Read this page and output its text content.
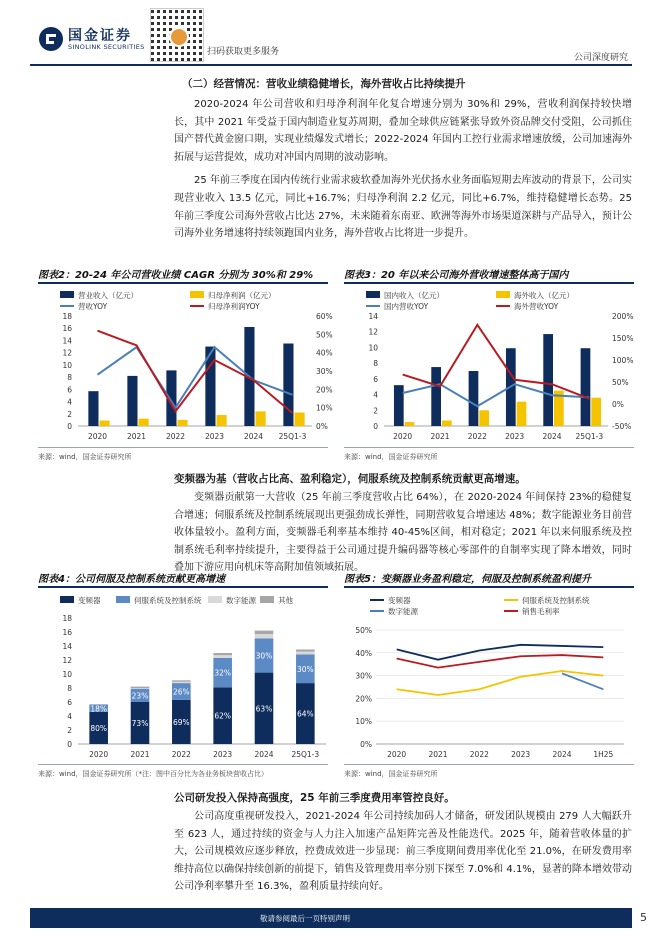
国金证券
SINOLINK SECURITIES	扫码获取更多服务
公司深度研究
（二）经营情况：营收业绩稳健增长，海外营收占比持续提升

2020-2024 年公司营收和归母净利润年化复合增速分别为 30%和 29%，营收利润保持较快增长，其中 2021 年受益于国内制造业复苏周期，叠加全球供应链紧张导致外资品牌交付受阻，公司抓住国产替代黄金窗口期，实现业绩爆发式增长；2022-2024 年国内工控行业需求增速放缓，公司加速海外拓展与运营提效，成功对冲国内周期的波动影响。

25 年前三季度在国内传统行业需求疲软叠加海外光伏扬水业务面临短期去库波动的背景下，公司实现营业收入 13.5 亿元，同比+16.7%；归母净利润 2.2 亿元，同比+6.7%，维持稳健增长态势。25 年前三季度公司海外营收占比达 27%，未来随着东南亚、欧洲等海外市场渠道深耕与产品导入，预计公司海外业务增速将持续领跑国内业务，海外营收占比将进一步提升。

图表2：20-24 年公司营收业绩 CAGR 分别为 30%和 29%
营业收入（亿元）	归母净利润（亿元）
营收YOY	归母净利润YOY
0
2
4
6
8
10
12
14
16
18
0%
10%
20%
30%
40%
50%
60%
2020	2021	2022	2023	2024 25Q1-3
来源：wind，国金证券研究所
图表3：20 年以来公司海外营收增速整体高于国内
国内收入（亿元）	海外收入（亿元）
国内营收YOY	海外营收YOY
0
2
4
6
8
10
12
14
-50%
0%
50%
100%
150%
200%
2020 2021 2022 2023 2024 25Q1-3
来源：wind，国金证券研究所
变频器为基（营收占比高、盈利稳定），伺服系统及控制系统贡献更高增速。

变频器贡献第一大营收（25 年前三季度营收占比 64%），在 2020-2024 年间保持 23%的稳健复合增速；伺服系统及控制系统展现出更强劲成长弹性，同期营收复合增速达 48%；数字能源业务目前营收体量较小。盈利方面，变频器毛利率基本维持 40-45%区间，相对稳定；2021 年以来伺服系统及控制系统毛利率持续提升，主要得益于公司通过提升编码器等核心零部件的自制率实现了降本增效，同时叠加下游应用向机床等高附加值领域拓展。

图表4：公司伺服及控制系统贡献更高增速
变频器	伺服系统及控制系统	数字能源	其他
0
2
4
6
8
10
12
14
16
18
2020
80%
18%
2021
73%
23%
2022
69%
26%
2023
62%
32%
2024
63%
30%
25Q1-3
64%
30%
来源：wind，国金证券研究所（*注：图中百分比为各业务板块营收占比）
图表5：变频器业务盈利稳定，伺服及控制系统盈利提升
变频器	伺服系统及控制系统
数字能源	销售毛利率
0%
10%
20%
30%
40%
50%
2020	2021	2022	2023	2024	1H25
来源：wind，国金证券研究所
公司研发投入保持高强度，25 年前三季度费用率管控良好。

公司高度重视研发投入，2021-2024 年公司持续加码人才储备，研发团队规模由 279 人大幅跃升至 623 人，通过持续的资金与人力注入加速产品矩阵完善及性能迭代。2025 年，随着营收体量的扩大，公司规模效应逐步释放，控费成效进一步显现：前三季度期间费用率优化至 21.0%，在研发费用率维持高位以确保持续创新的前提下，销售及管理费用率分别下探至 7.0%和 4.1%，显著的降本增效带动公司净利率攀升至 16.3%，盈利质量持续向好。

敬请参阅最后一页特别声明	5
